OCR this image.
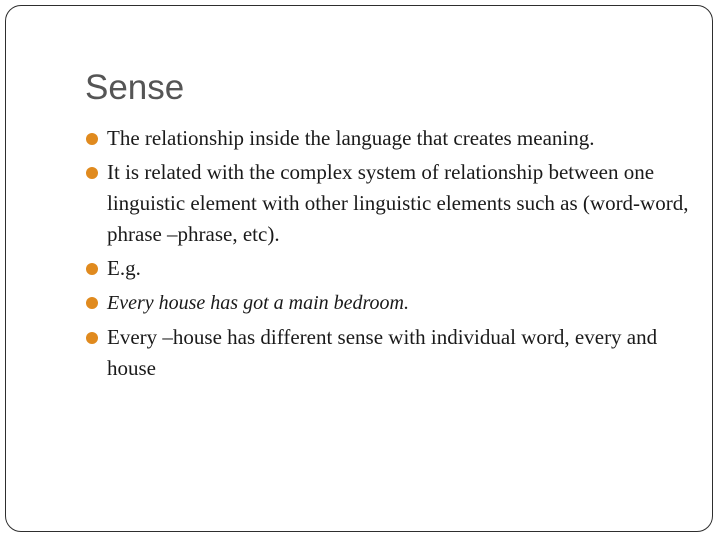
Sense
The relationship inside the language that creates meaning.
It is related with the complex system of relationship between one linguistic element with other linguistic elements such as (word-word, phrase –phrase, etc).
E.g.
Every house has got a main bedroom.
Every –house has different sense with individual word, every and house
